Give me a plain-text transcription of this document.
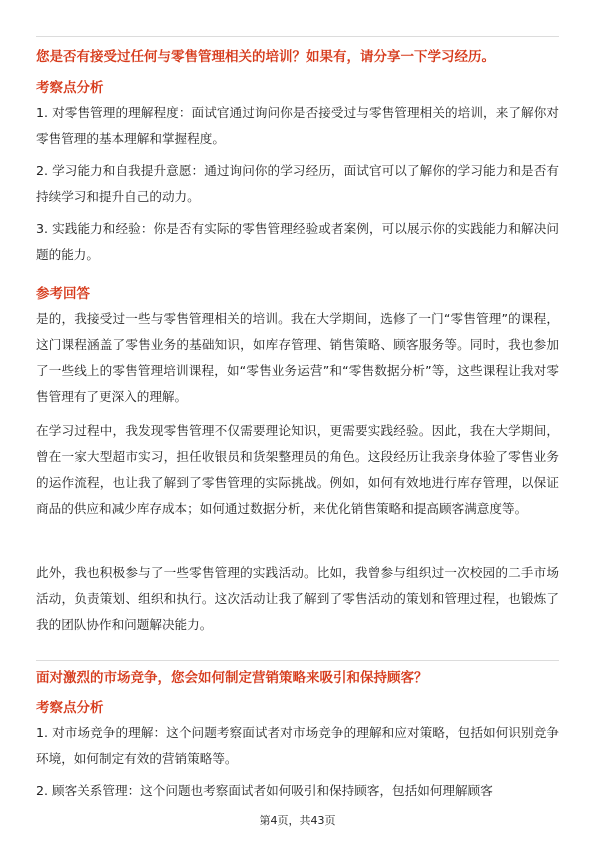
您是否有接受过任何与零售管理相关的培训？如果有，请分享一下学习经历。
考察点分析
1. 对零售管理的理解程度：面试官通过询问你是否接受过与零售管理相关的培训，来了解你对零售管理的基本理解和掌握程度。
2. 学习能力和自我提升意愿：通过询问你的学习经历，面试官可以了解你的学习能力和是否有持续学习和提升自己的动力。
3. 实践能力和经验：你是否有实际的零售管理经验或者案例，可以展示你的实践能力和解决问题的能力。
参考回答
是的，我接受过一些与零售管理相关的培训。我在大学期间，选修了一门“零售管理”的课程，这门课程涵盖了零售业务的基础知识，如库存管理、销售策略、顾客服务等。同时，我也参加了一些线上的零售管理培训课程，如“零售业务运营”和“零售数据分析”等，这些课程让我对零售管理有了更深入的理解。
在学习过程中，我发现零售管理不仅需要理论知识，更需要实践经验。因此，我在大学期间，曾在一家大型超市实习，担任收银员和货架整理员的角色。这段经历让我亲身体验了零售业务的运作流程，也让我了解到了零售管理的实际挑战。例如，如何有效地进行库存管理，以保证商品的供应和减少库存成本；如何通过数据分析，来优化销售策略和提高顾客满意度等。
此外，我也积极参与了一些零售管理的实践活动。比如，我曾参与组织过一次校园的二手市场活动，负责策划、组织和执行。这次活动让我了解到了零售活动的策划和管理过程，也锻炼了我的团队协作和问题解决能力。
面对激烈的市场竞争，您会如何制定营销策略来吸引和保持顾客？
考察点分析
1. 对市场竞争的理解：这个问题考察面试者对市场竞争的理解和应对策略，包括如何识别竞争环境，如何制定有效的营销策略等。
2. 顾客关系管理：这个问题也考察面试者如何吸引和保持顾客，包括如何理解顾客
第4页，共43页
